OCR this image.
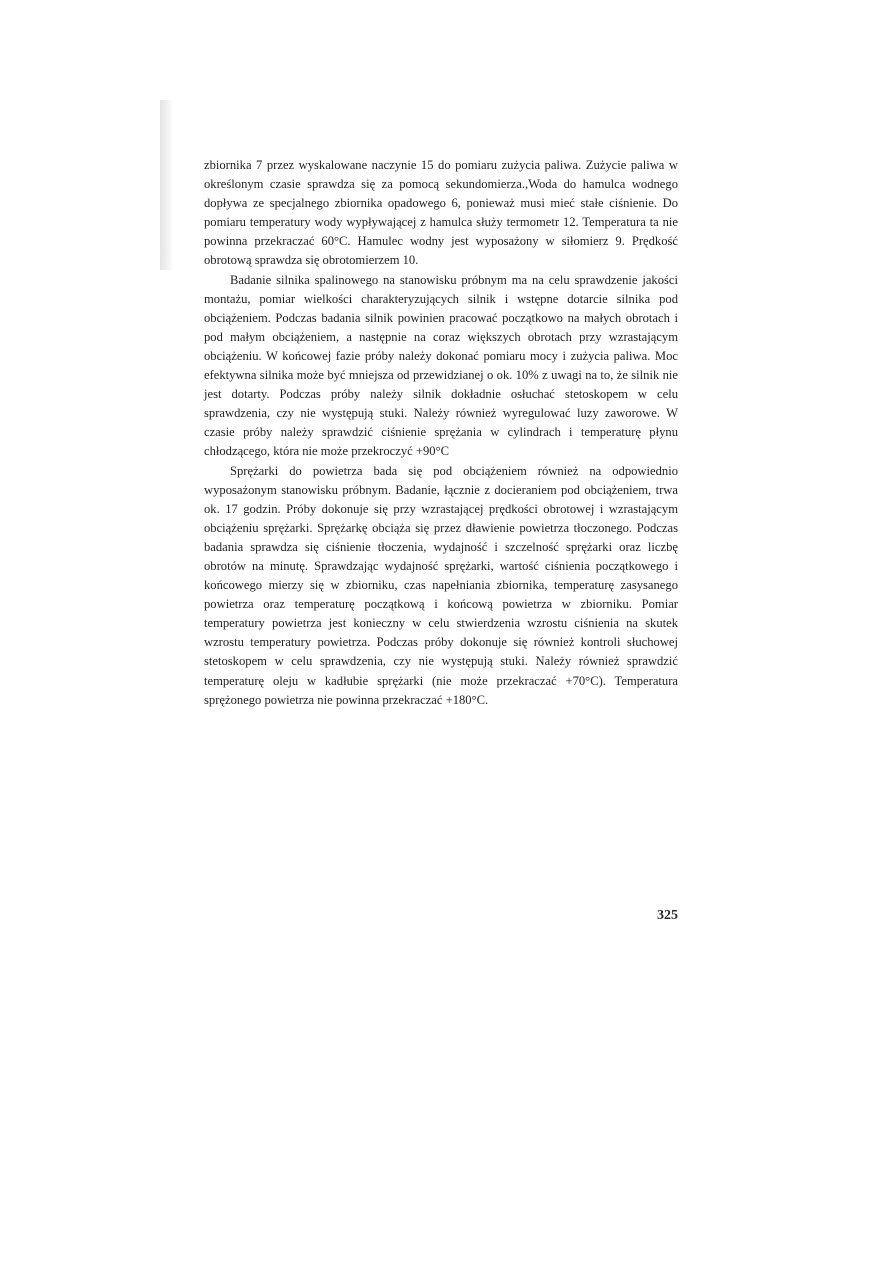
zbiornika 7 przez wyskalowane naczynie 15 do pomiaru zużycia paliwa. Zużycie paliwa w określonym czasie sprawdza się za pomocą sekundomierza.,Woda do hamulca wodnego dopływa ze specjalnego zbiornika opadowego 6, ponieważ musi mieć stałe ciśnienie. Do pomiaru temperatury wody wypływającej z hamulca służy termometr 12. Temperatura ta nie powinna przekraczać 60°C. Hamulec wodny jest wyposażony w siłomierz 9. Prędkość obrotową sprawdza się obrotomierzem 10.

Badanie silnika spalinowego na stanowisku próbnym ma na celu sprawdzenie jakości montażu, pomiar wielkości charakteryzujących silnik i wstępne dotarcie silnika pod obciążeniem. Podczas badania silnik powinien pracować początkowo na małych obrotach i pod małym obciążeniem, a następnie na coraz większych obrotach przy wzrastającym obciążeniu. W końcowej fazie próby należy dokonać pomiaru mocy i zużycia paliwa. Moc efektywna silnika może być mniejsza od przewidzianej o ok. 10% z uwagi na to, że silnik nie jest dotarty. Podczas próby należy silnik dokładnie osłuchać stetoskopem w celu sprawdzenia, czy nie występują stuki. Należy również wyregulować luzy zaworowe. W czasie próby należy sprawdzić ciśnienie sprężania w cylindrach i temperaturę płynu chłodzącego, która nie może przekroczyć +90°C

Sprężarki do powietrza bada się pod obciążeniem również na odpowiednio wyposażonym stanowisku próbnym. Badanie, łącznie z docieraniem pod obciążeniem, trwa ok. 17 godzin. Próby dokonuje się przy wzrastającej prędkości obrotowej i wzrastającym obciążeniu sprężarki. Sprężarkę obciąża się przez dławienie powietrza tłoczonego. Podczas badania sprawdza się ciśnienie tłoczenia, wydajność i szczelność sprężarki oraz liczbę obrotów na minutę. Sprawdzając wydajność sprężarki, wartość ciśnienia początkowego i końcowego mierzy się w zbiorniku, czas napełniania zbiornika, temperaturę zasysanego powietrza oraz temperaturę początkową i końcową powietrza w zbiorniku. Pomiar temperatury powietrza jest konieczny w celu stwierdzenia wzrostu ciśnienia na skutek wzrostu temperatury powietrza. Podczas próby dokonuje się również kontroli słuchowej stetoskopem w celu sprawdzenia, czy nie występują stuki. Należy również sprawdzić temperaturę oleju w kadłubie sprężarki (nie może przekraczać +70°C). Temperatura sprężonego powietrza nie powinna przekraczać +180°C.

325
